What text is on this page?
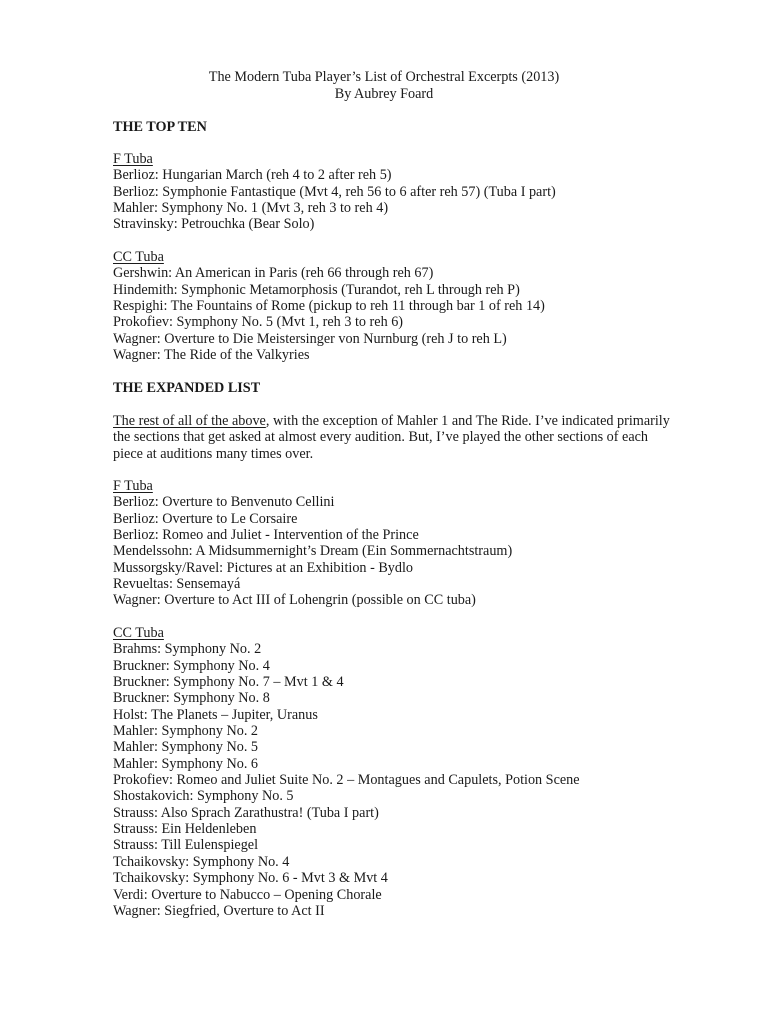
The Modern Tuba Player’s List of Orchestral Excerpts (2013)
By Aubrey Foard
THE TOP TEN
F Tuba
Berlioz: Hungarian March (reh 4 to 2 after reh 5)
Berlioz: Symphonie Fantastique (Mvt 4, reh 56 to 6 after reh 57) (Tuba I part)
Mahler: Symphony No. 1 (Mvt 3, reh 3 to reh 4)
Stravinsky: Petrouchka (Bear Solo)
CC Tuba
Gershwin: An American in Paris (reh 66 through reh 67)
Hindemith: Symphonic Metamorphosis (Turandot, reh L through reh P)
Respighi: The Fountains of Rome (pickup to reh 11 through bar 1 of reh 14)
Prokofiev: Symphony No. 5 (Mvt 1, reh 3 to reh 6)
Wagner: Overture to Die Meistersinger von Nurnburg (reh J to reh L)
Wagner: The Ride of the Valkyries
THE EXPANDED LIST
The rest of all of the above, with the exception of Mahler 1 and The Ride. I’ve indicated primarily
the sections that get asked at almost every audition. But, I’ve played the other sections of each
piece at auditions many times over.
F Tuba
Berlioz: Overture to Benvenuto Cellini
Berlioz: Overture to Le Corsaire
Berlioz: Romeo and Juliet - Intervention of the Prince
Mendelssohn: A Midsummernight’s Dream (Ein Sommernachtstraum)
Mussorgsky/Ravel: Pictures at an Exhibition - Bydlo
Revueltas: Sensemayá
Wagner: Overture to Act III of Lohengrin (possible on CC tuba)
CC Tuba
Brahms: Symphony No. 2
Bruckner: Symphony No. 4
Bruckner: Symphony No. 7 – Mvt 1 & 4
Bruckner: Symphony No. 8
Holst: The Planets – Jupiter, Uranus
Mahler: Symphony No. 2
Mahler: Symphony No. 5
Mahler: Symphony No. 6
Prokofiev: Romeo and Juliet Suite No. 2 – Montagues and Capulets, Potion Scene
Shostakovich: Symphony No. 5
Strauss: Also Sprach Zarathustra! (Tuba I part)
Strauss: Ein Heldenleben
Strauss: Till Eulenspiegel
Tchaikovsky: Symphony No. 4
Tchaikovsky: Symphony No. 6 - Mvt 3 & Mvt 4
Verdi: Overture to Nabucco – Opening Chorale
Wagner: Siegfried, Overture to Act II
